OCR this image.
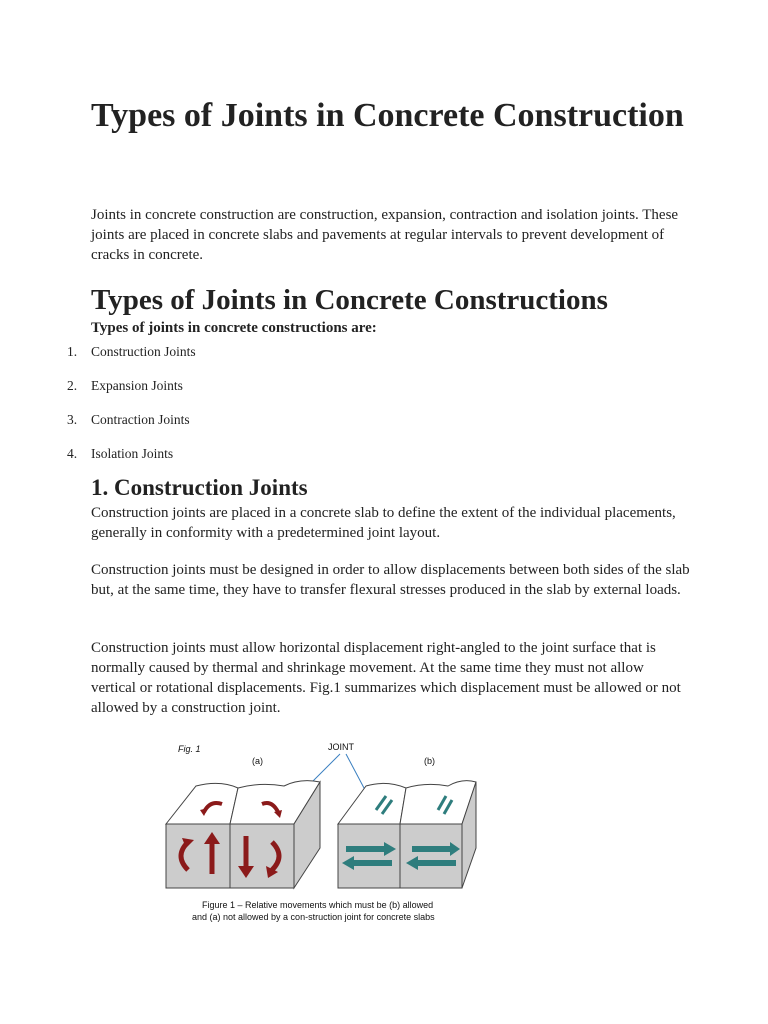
Types of Joints in Concrete Construction

Joints in concrete construction are construction, expansion, contraction and isolation joints. These joints are placed in concrete slabs and pavements at regular intervals to prevent development of cracks in concrete.

Types of Joints in Concrete Constructions

Types of joints in concrete constructions are:

1.	Construction Joints
2.	Expansion Joints
3.	Contraction Joints
4.	Isolation Joints
1. Construction Joints

Construction joints are placed in a concrete slab to define the extent of the individual placements, generally in conformity with a predetermined joint layout.

Construction joints must be designed in order to allow displacements between both sides of the slab but, at the same time, they have to transfer flexural stresses produced in the slab by external loads.

Construction joints must allow horizontal displacement right-angled to the joint surface that is normally caused by thermal and shrinkage movement. At the same time they must not allow vertical or rotational displacements. Fig.1 summarizes which displacement must be allowed or not allowed by a construction joint.

Fig. 1
(a)	(b)
JOINT
Figure 1 – Relative movements which must be (b) allowed
and (a) not allowed by a con-struction joint for concrete slabs
